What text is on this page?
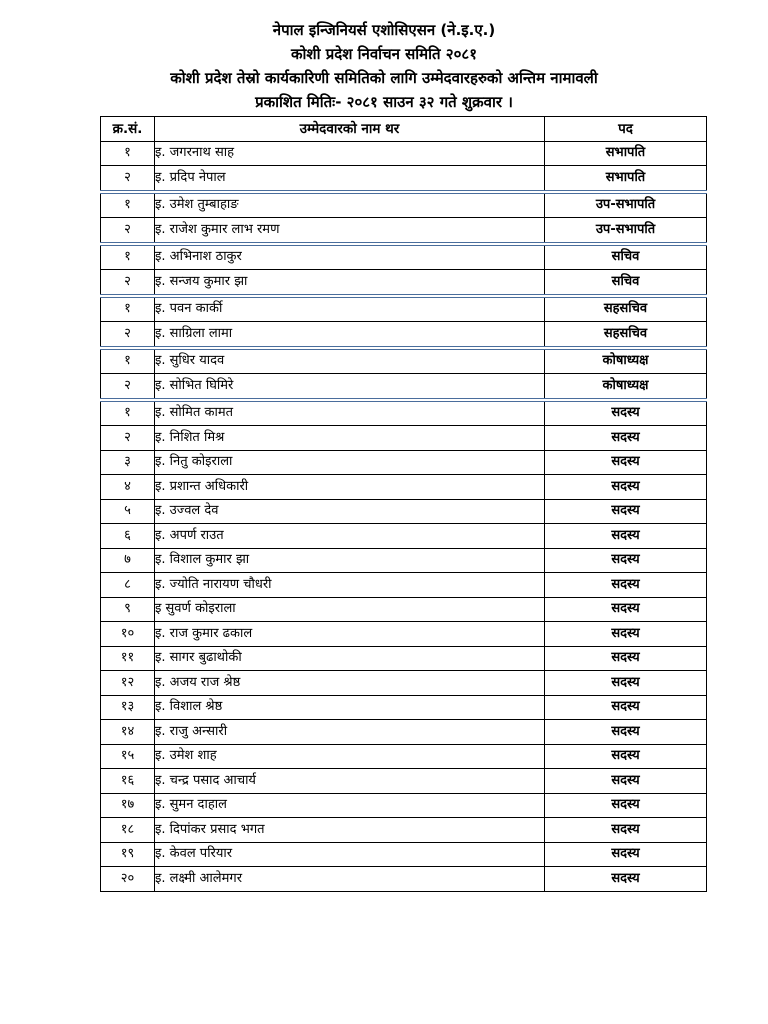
नेपाल इन्जिनियर्स एशोसिएसन (ने.इ.ए.)
कोशी प्रदेश निर्वाचन समिति २०८१
कोशी प्रदेश तेस्रो कार्यकारिणी समितिको लागि उम्मेदवारहरुको अन्तिम नामावली
प्रकाशित मितिः- २०८१ साउन ३२ गते शुक्रवार ।
क्र.सं.	उम्मेदवारको नाम थर	पद
१	इ. जगरनाथ साह	सभापति
२	इ. प्रदिप नेपाल	सभापति
१	इ. उमेश तुम्बाहाङ	उप-सभापति
२	इ. राजेश कुमार लाभ रमण	उप-सभापति
१	इ. अभिनाश ठाकुर	सचिव
२	इ. सन्जय कुमार झा	सचिव
१	इ. पवन कार्की	सहसचिव
२	इ. साग्रिला लामा	सहसचिव
१	इ. सुधिर यादव	कोषाध्यक्ष
२	इ. सोभित घिमिरे	कोषाध्यक्ष
१	इ. सोमित कामत	सदस्य
२	इ. निशित मिश्र	सदस्य
३	इ. नितु कोइराला	सदस्य
४	इ. प्रशान्त अधिकारी	सदस्य
५	इ. उज्वल देव	सदस्य
६	इ. अपर्ण राउत	सदस्य
७	इ. विशाल कुमार झा	सदस्य
८	इ. ज्योति नारायण चौधरी	सदस्य
९	इ सुवर्ण कोइराला	सदस्य
१०	इ. राज कुमार ढकाल	सदस्य
११	इ. सागर बुढाथोकी	सदस्य
१२	इ. अजय राज श्रेष्ठ	सदस्य
१३	इ. विशाल श्रेष्ठ	सदस्य
१४	इ. राजु अन्सारी	सदस्य
१५	इ. उमेश शाह	सदस्य
१६	इ. चन्द्र पसाद आचार्य	सदस्य
१७	इ. सुमन दाहाल	सदस्य
१८	इ. दिपांकर प्रसाद भगत	सदस्य
१९	इ. केवल परियार	सदस्य
२०	इ. लक्ष्मी आलेमगर	सदस्य
